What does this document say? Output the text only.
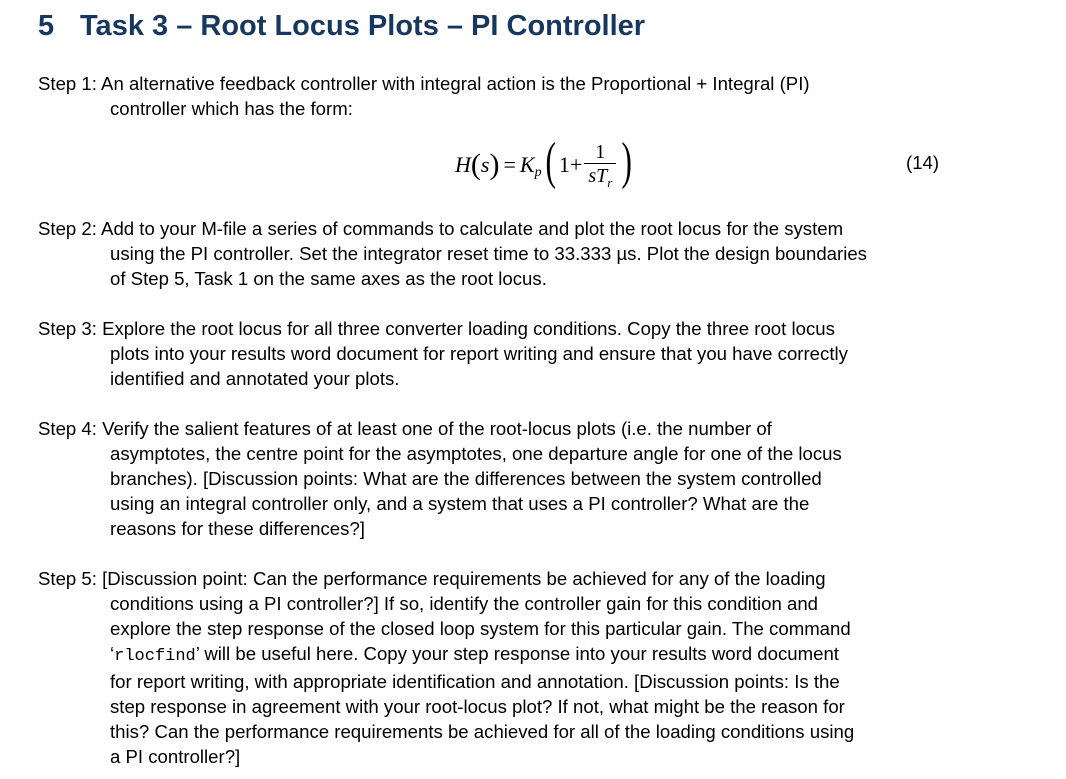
5 Task 3 – Root Locus Plots – PI Controller
Step 1: An alternative feedback controller with integral action is the Proportional + Integral (PI)
controller which has the form:
H ( s ) = K p ( $1+ \frac{1}{sT_r}$ )	(14)
Step 2: Add to your M-file a series of commands to calculate and plot the root locus for the system
using the PI controller. Set the integrator reset time to 33.333 µs. Plot the design boundaries
of Step 5, Task 1 on the same axes as the root locus.
Step 3: Explore the root locus for all three converter loading conditions. Copy the three root locus
plots into your results word document for report writing and ensure that you have correctly
identified and annotated your plots.
Step 4: Verify the salient features of at least one of the root-locus plots (i.e. the number of
asymptotes, the centre point for the asymptotes, one departure angle for one of the locus
branches). [Discussion points: What are the differences between the system controlled
using an integral controller only, and a system that uses a PI controller? What are the
reasons for these differences?]
Step 5: [Discussion point: Can the performance requirements be achieved for any of the loading
conditions using a PI controller?] If so, identify the controller gain for this condition and
explore the step response of the closed loop system for this particular gain. The command
‘rlocfind’ will be useful here. Copy your step response into your results word document
for report writing, with appropriate identification and annotation. [Discussion points: Is the
step response in agreement with your root-locus plot? If not, what might be the reason for
this? Can the performance requirements be achieved for all of the loading conditions using
a PI controller?]
